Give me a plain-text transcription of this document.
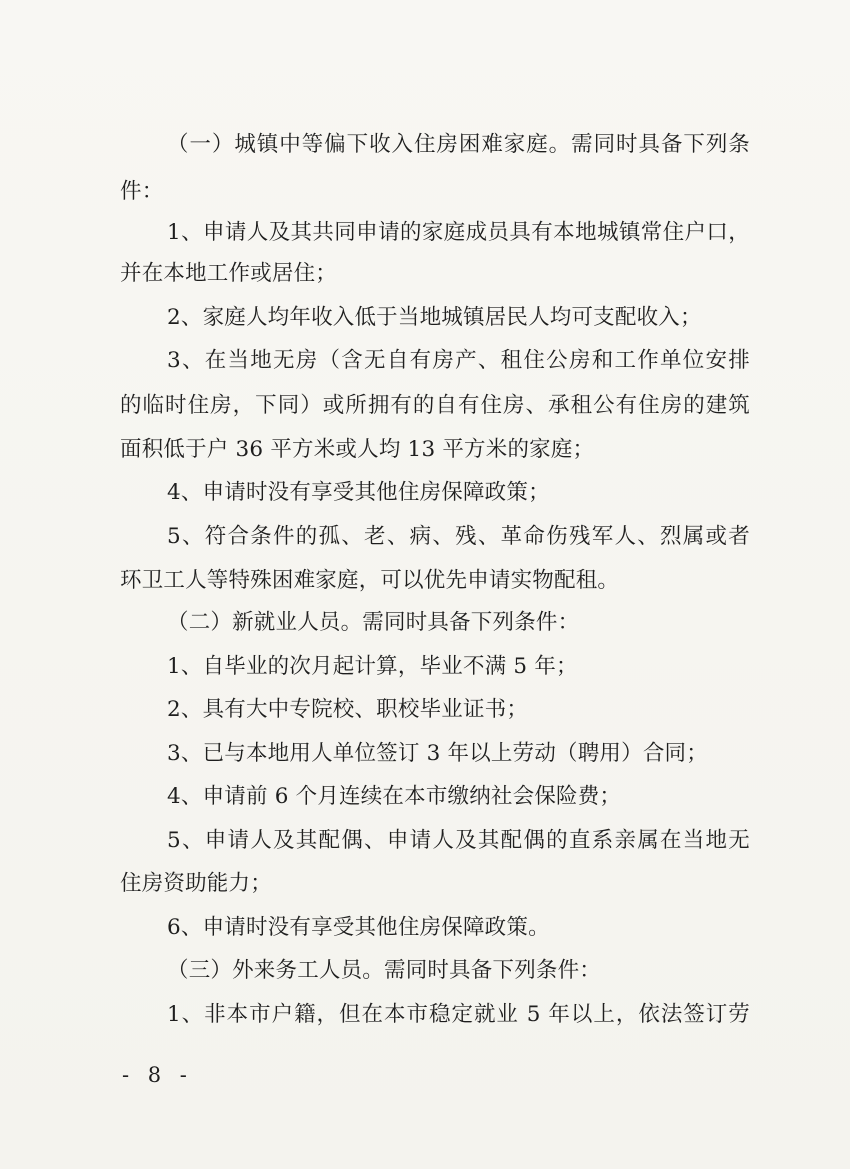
（一）城镇中等偏下收入住房困难家庭。需同时具备下列条
件：
1、申请人及其共同申请的家庭成员具有本地城镇常住户口，
并在本地工作或居住；
2、家庭人均年收入低于当地城镇居民人均可支配收入；
3、在当地无房（含无自有房产、租住公房和工作单位安排
的临时住房，下同）或所拥有的自有住房、承租公有住房的建筑
面积低于户 36 平方米或人均 13 平方米的家庭；
4、申请时没有享受其他住房保障政策；
5、符合条件的孤、老、病、残、革命伤残军人、烈属或者
环卫工人等特殊困难家庭，可以优先申请实物配租。
（二）新就业人员。需同时具备下列条件：
1、自毕业的次月起计算，毕业不满 5 年；
2、具有大中专院校、职校毕业证书；
3、已与本地用人单位签订 3 年以上劳动（聘用）合同；
4、申请前 6 个月连续在本市缴纳社会保险费；
5、申请人及其配偶、申请人及其配偶的直系亲属在当地无
住房资助能力；
6、申请时没有享受其他住房保障政策。
（三）外来务工人员。需同时具备下列条件：
1、非本市户籍，但在本市稳定就业 5 年以上，依法签订劳
- 8 -
